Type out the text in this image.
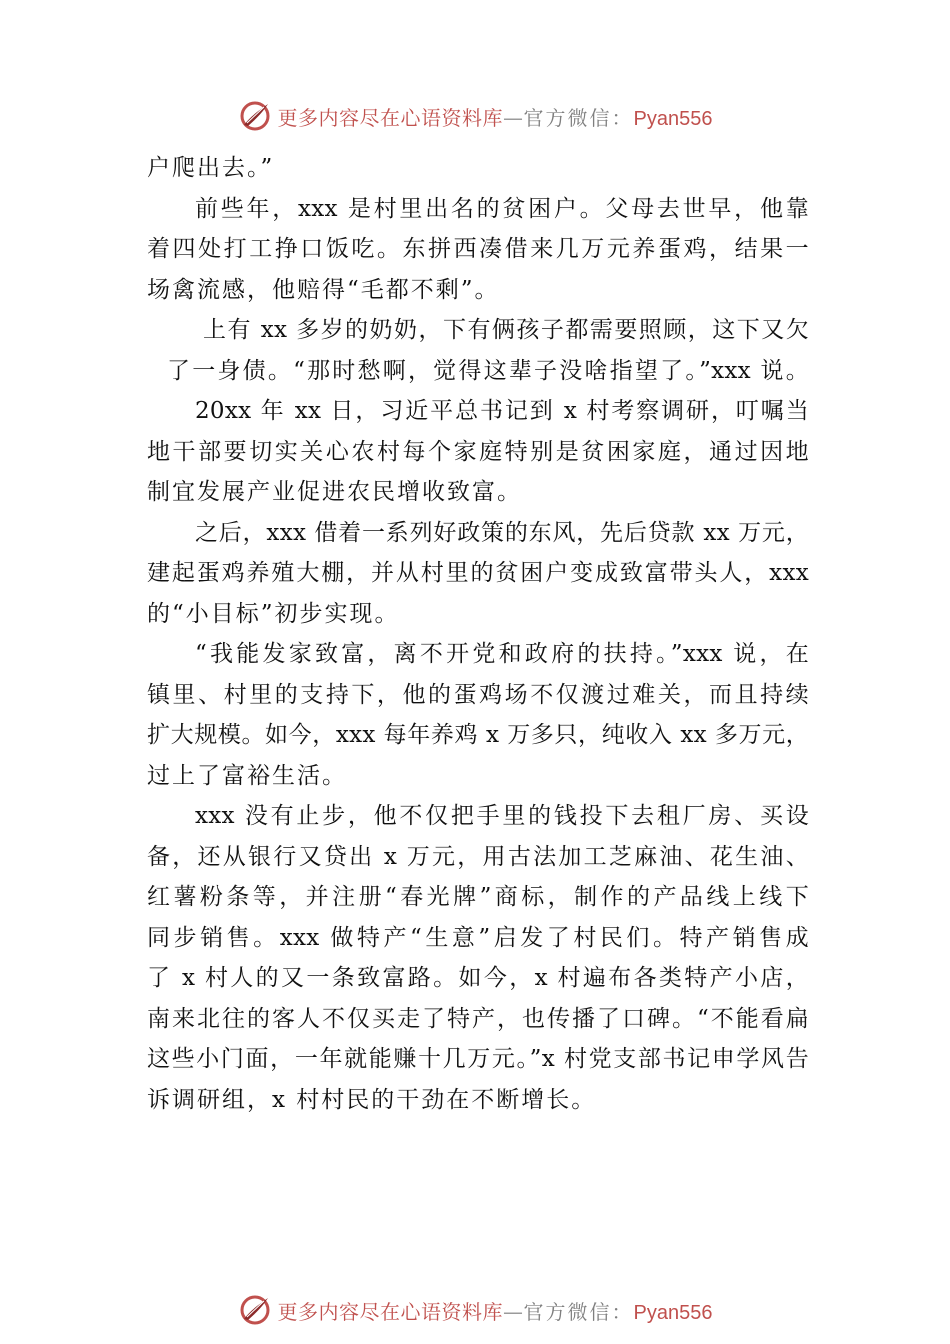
更多内容尽在心语资料库—官方微信：Pyan556
户爬出去。”
前些年，xxx 是村里出名的贫困户。父母去世早，他靠
着四处打工挣口饭吃。东拼西凑借来几万元养蛋鸡，结果一
场禽流感，他赔得“毛都不剩”。
上有 xx 多岁的奶奶，下有俩孩子都需要照顾，这下又欠
了一身债。“那时愁啊，觉得这辈子没啥指望了。”xxx 说。
20xx 年 xx 日，习近平总书记到 x 村考察调研，叮嘱当
地干部要切实关心农村每个家庭特别是贫困家庭，通过因地
制宜发展产业促进农民增收致富。
之后，xxx 借着一系列好政策的东风，先后贷款 xx 万元，
建起蛋鸡养殖大棚，并从村里的贫困户变成致富带头人，xxx
的“小目标”初步实现。
“我能发家致富，离不开党和政府的扶持。”xxx 说，在
镇里、村里的支持下，他的蛋鸡场不仅渡过难关，而且持续
扩大规模。如今，xxx 每年养鸡 x 万多只，纯收入 xx 多万元，
过上了富裕生活。
xxx 没有止步，他不仅把手里的钱投下去租厂房、买设
备，还从银行又贷出 x 万元，用古法加工芝麻油、花生油、
红薯粉条等，并注册“春光牌”商标，制作的产品线上线下
同步销售。xxx 做特产“生意”启发了村民们。特产销售成
了 x 村人的又一条致富路。如今，x 村遍布各类特产小店，
南来北往的客人不仅买走了特产，也传播了口碑。“不能看扁
这些小门面，一年就能赚十几万元。”x 村党支部书记申学风告
诉调研组，x 村村民的干劲在不断增长。
更多内容尽在心语资料库—官方微信：Pyan556
